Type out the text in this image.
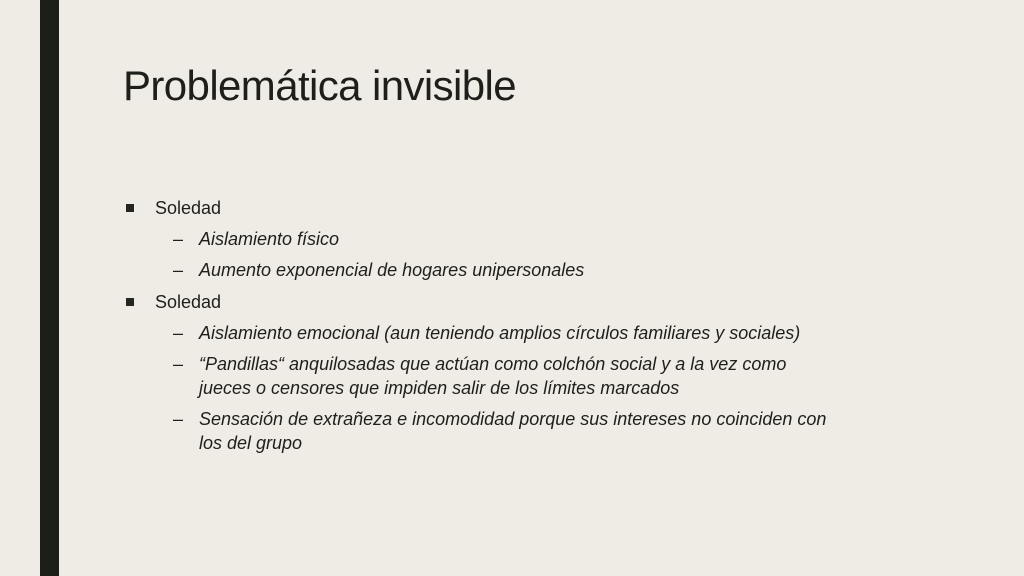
Problemática invisible
Soledad
– Aislamiento físico
– Aumento exponencial de hogares unipersonales
Soledad
– Aislamiento emocional (aun teniendo amplios círculos familiares y sociales)
– “Pandillas“ anquilosadas que actúan como colchón social y a la vez como jueces o censores que impiden salir de los límites marcados
– Sensación de extrañeza e incomodidad porque sus intereses no coinciden con los del grupo
